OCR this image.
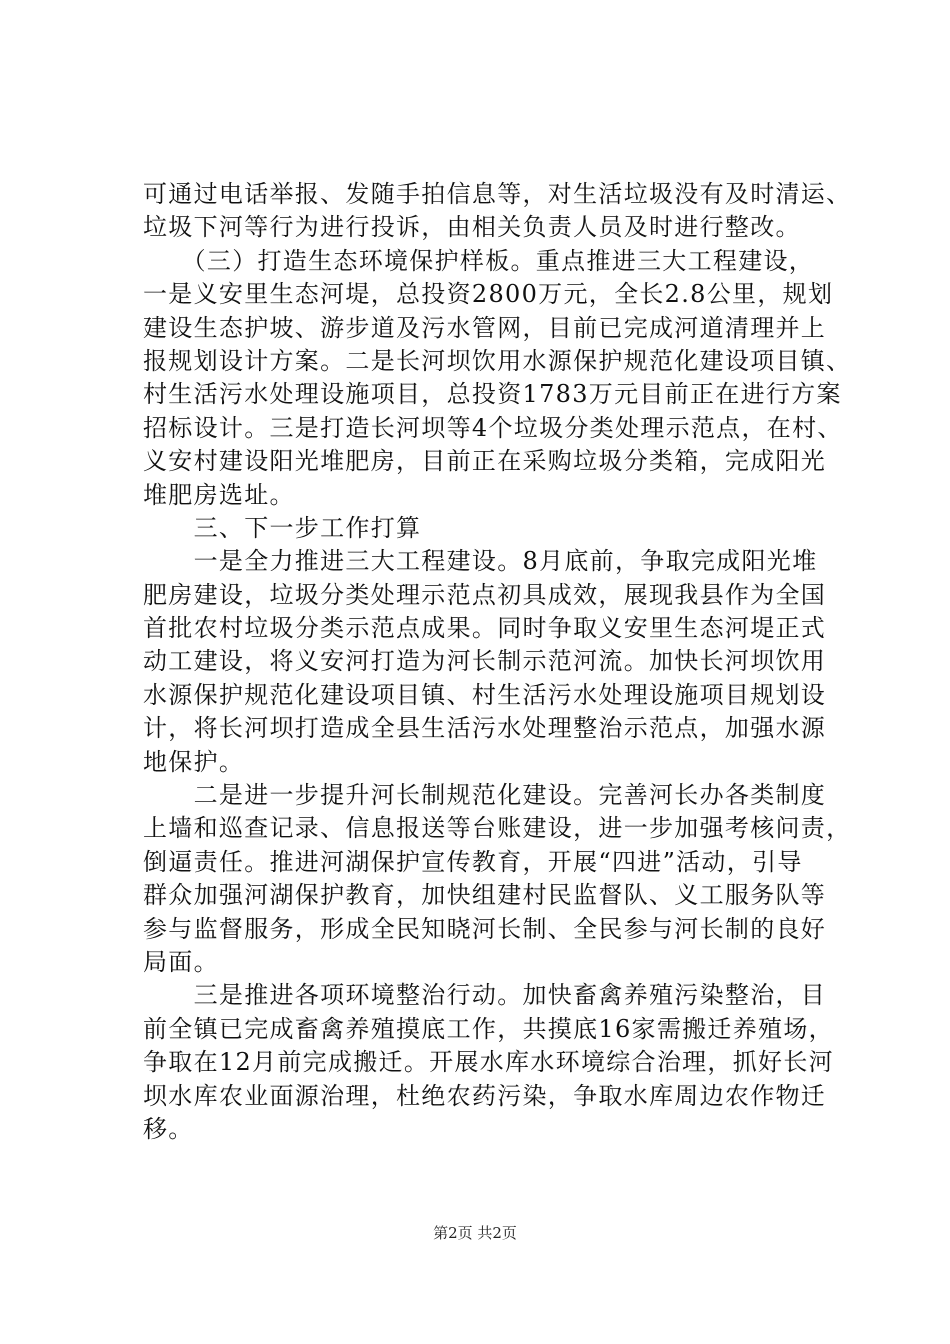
可通过电话举报、发随手拍信息等，对生活垃圾没有及时清运、
垃圾下河等行为进行投诉，由相关负责人员及时进行整改。
　　（三）打造生态环境保护样板。重点推进三大工程建设，
一是义安里生态河堤，总投资2800万元，全长2.8公里，规划
建设生态护坡、游步道及污水管网，目前已完成河道清理并上
报规划设计方案。二是长河坝饮用水源保护规范化建设项目镇、
村生活污水处理设施项目，总投资1783万元目前正在进行方案
招标设计。三是打造长河坝等4个垃圾分类处理示范点，在村、
义安村建设阳光堆肥房，目前正在采购垃圾分类箱，完成阳光
堆肥房选址。
　　三、下一步工作打算
　　一是全力推进三大工程建设。8月底前，争取完成阳光堆
肥房建设，垃圾分类处理示范点初具成效，展现我县作为全国
首批农村垃圾分类示范点成果。同时争取义安里生态河堤正式
动工建设，将义安河打造为河长制示范河流。加快长河坝饮用
水源保护规范化建设项目镇、村生活污水处理设施项目规划设
计，将长河坝打造成全县生活污水处理整治示范点，加强水源
地保护。
　　二是进一步提升河长制规范化建设。完善河长办各类制度
上墙和巡查记录、信息报送等台账建设，进一步加强考核问责，
倒逼责任。推进河湖保护宣传教育，开展“四进”活动，引导
群众加强河湖保护教育，加快组建村民监督队、义工服务队等
参与监督服务，形成全民知晓河长制、全民参与河长制的良好
局面。
　　三是推进各项环境整治行动。加快畜禽养殖污染整治，目
前全镇已完成畜禽养殖摸底工作，共摸底16家需搬迁养殖场，
争取在12月前完成搬迁。开展水库水环境综合治理，抓好长河
坝水库农业面源治理，杜绝农药污染，争取水库周边农作物迁
移。
第2页 共2页
